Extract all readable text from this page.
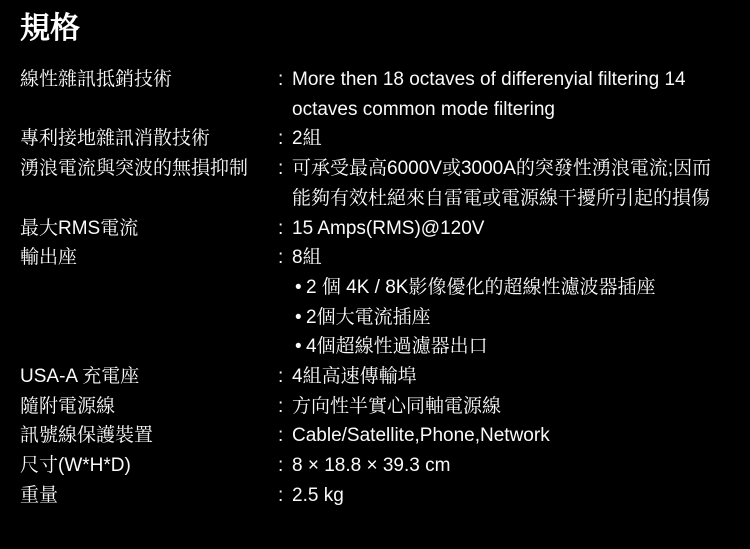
規格
線性雜訊抵銷技術	: More then 18 octaves of differenyial filtering 14
octaves common mode filtering
專利接地雜訊消散技術	: 2組
湧浪電流與突波的無損抑制	: 可承受最高6000V或3000A的突發性湧浪電流;因而
能夠有效杜絕來自雷電或電源線干擾所引起的損傷
最大RMS電流	: 15 Amps(RMS)@120V
輸出座	: 8組
• 2 個 4K / 8K影像優化的超線性濾波器插座
• 2個大電流插座
• 4個超線性過濾器出口
USA-A 充電座	: 4組高速傳輸埠
隨附電源線	: 方向性半實心同軸電源線
訊號線保護裝置	: Cable/Satellite,Phone,Network
尺寸(W*H*D)	: 8 × 18.8 × 39.3 cm
重量	: 2.5 kg
